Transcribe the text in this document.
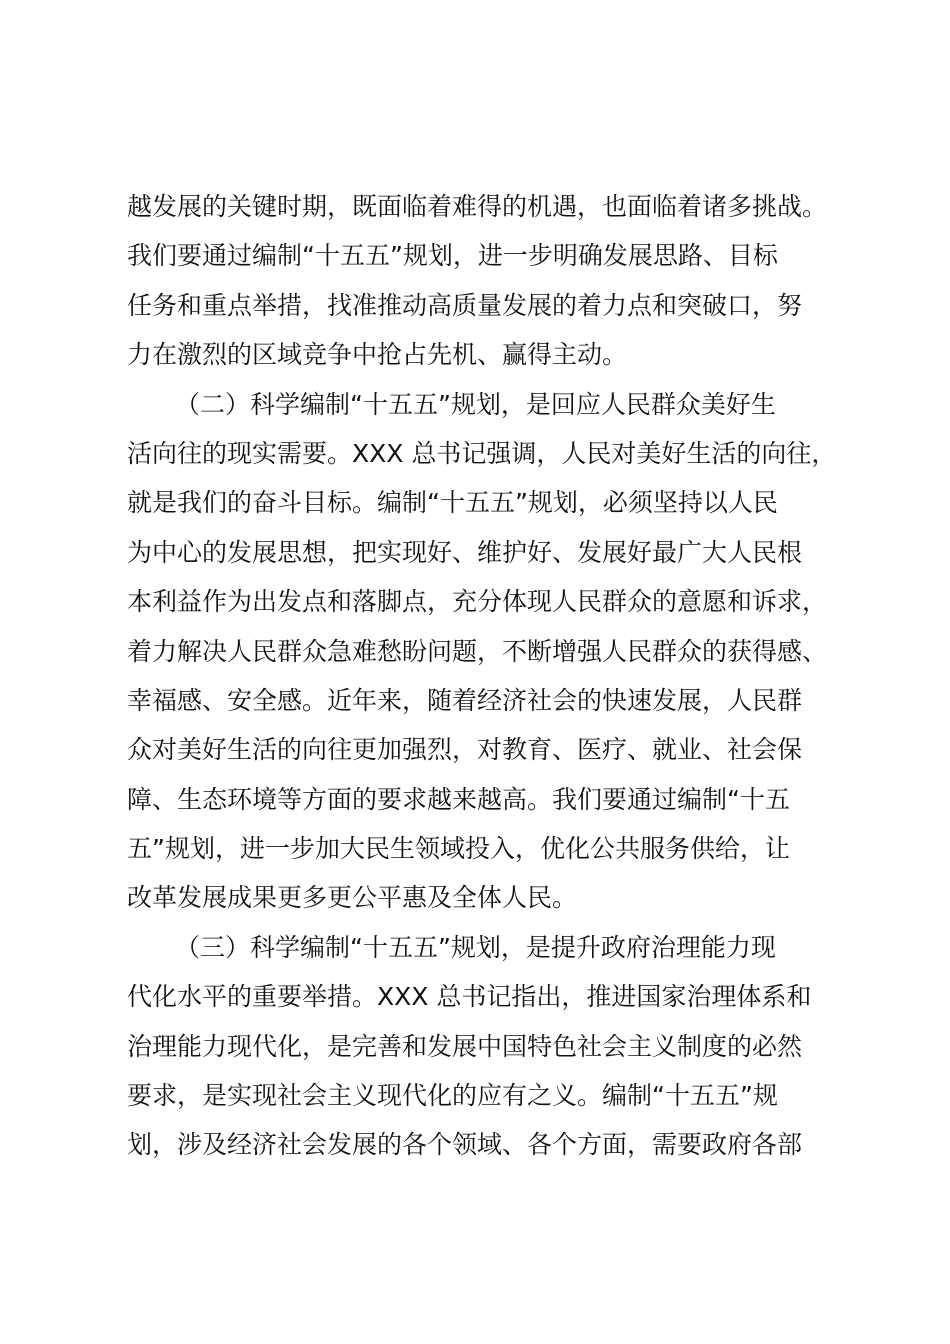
越发展的关键时期，既面临着难得的机遇，也面临着诸多挑战。
我们要通过编制“十五五”规划，进一步明确发展思路、目标
任务和重点举措，找准推动高质量发展的着力点和突破口，努
力在激烈的区域竞争中抢占先机、赢得主动。
（二）科学编制“十五五”规划，是回应人民群众美好生
活向往的现实需要。XXX 总书记强调，人民对美好生活的向往，
就是我们的奋斗目标。编制“十五五”规划，必须坚持以人民
为中心的发展思想，把实现好、维护好、发展好最广大人民根
本利益作为出发点和落脚点，充分体现人民群众的意愿和诉求，
着力解决人民群众急难愁盼问题，不断增强人民群众的获得感、
幸福感、安全感。近年来，随着经济社会的快速发展，人民群
众对美好生活的向往更加强烈，对教育、医疗、就业、社会保
障、生态环境等方面的要求越来越高。我们要通过编制“十五
五”规划，进一步加大民生领域投入，优化公共服务供给，让
改革发展成果更多更公平惠及全体人民。
（三）科学编制“十五五”规划，是提升政府治理能力现
代化水平的重要举措。XXX 总书记指出，推进国家治理体系和
治理能力现代化，是完善和发展中国特色社会主义制度的必然
要求，是实现社会主义现代化的应有之义。编制“十五五”规
划，涉及经济社会发展的各个领域、各个方面，需要政府各部
